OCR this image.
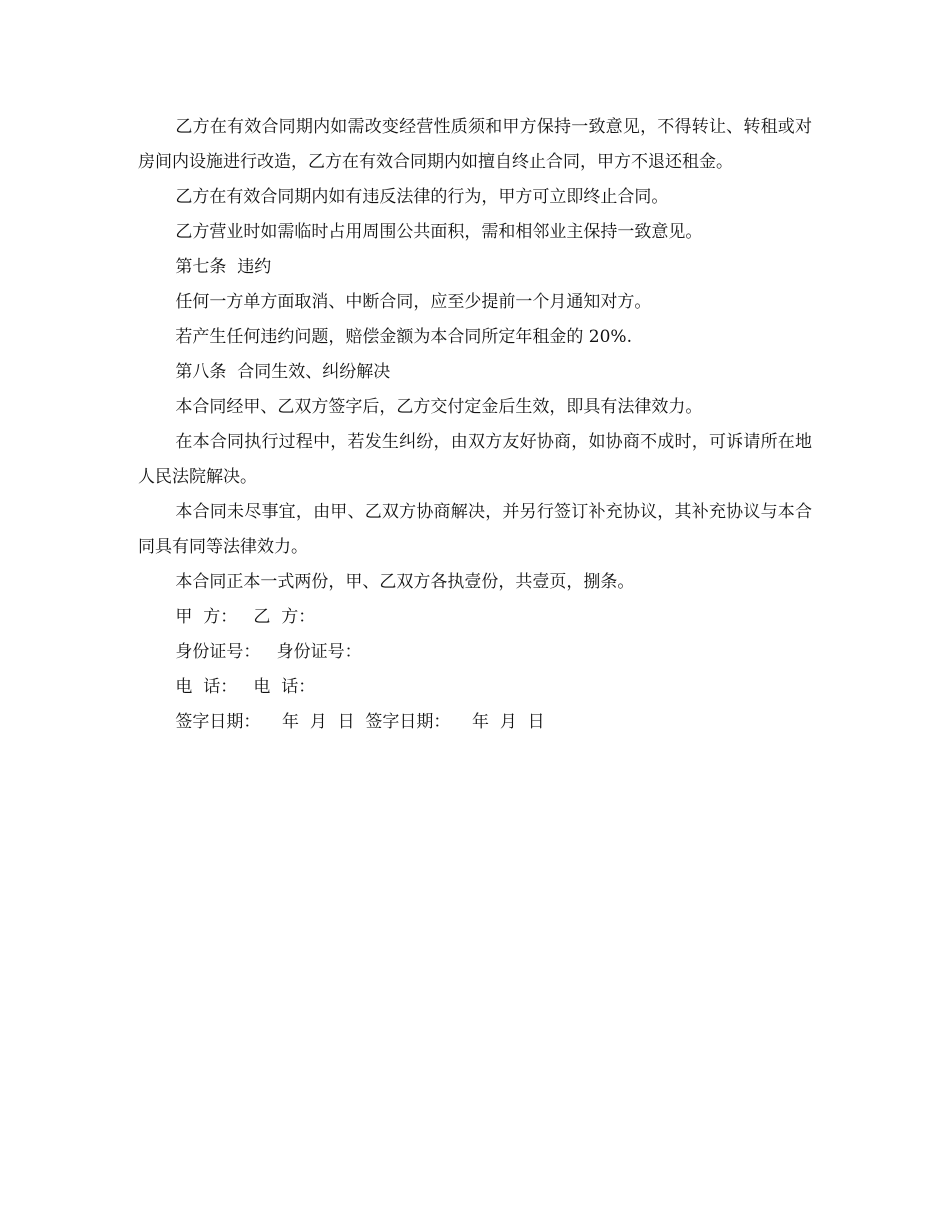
乙方在有效合同期内如需改变经营性质须和甲方保持一致意见，不得转让、转租或对房间内设施进行改造，乙方在有效合同期内如擅自终止合同，甲方不退还租金。

乙方在有效合同期内如有违反法律的行为，甲方可立即终止合同。

乙方营业时如需临时占用周围公共面积，需和相邻业主保持一致意见。

第七条  违约

任何一方单方面取消、中断合同，应至少提前一个月通知对方。

若产生任何违约问题，赔偿金额为本合同所定年租金的 20%.

第八条  合同生效、纠纷解决

本合同经甲、乙双方签字后，乙方交付定金后生效，即具有法律效力。

在本合同执行过程中，若发生纠纷，由双方友好协商，如协商不成时，可诉请所在地人民法院解决。

本合同未尽事宜，由甲、乙双方协商解决，并另行签订补充协议，其补充协议与本合同具有同等法律效力。

本合同正本一式两份，甲、乙双方各执壹份，共壹页，捌条。

甲  方：   乙  方：

身份证号：   身份证号：

电  话：   电  话：

签字日期：    年  月  日  签字日期：    年  月  日
